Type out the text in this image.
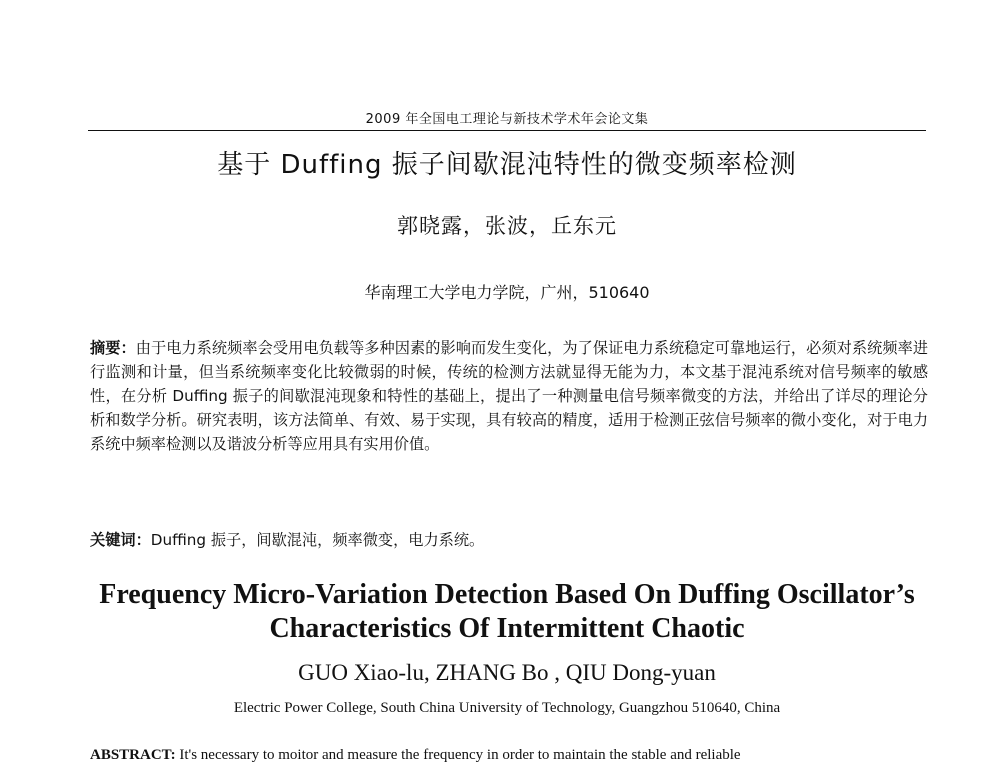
2009 年全国电工理论与新技术学术年会论文集
基于 Duffing 振子间歇混沌特性的微变频率检测
郭晓露，张波，丘东元
华南理工大学电力学院，广州，510640
摘要：由于电力系统频率会受用电负载等多种因素的影响而发生变化，为了保证电力系统稳定可靠地运行，必须对系统频率进行监测和计量，但当系统频率变化比较微弱的时候，传统的检测方法就显得无能为力，本文基于混沌系统对信号频率的敏感性，在分析 Duffing 振子的间歇混沌现象和特性的基础上，提出了一种测量电信号频率微变的方法，并给出了详尽的理论分析和数学分析。研究表明，该方法简单、有效、易于实现，具有较高的精度，适用于检测正弦信号频率的微小变化，对于电力系统中频率检测以及谐波分析等应用具有实用价值。
关键词：Duffing 振子，间歇混沌，频率微变，电力系统。
Frequency Micro-Variation Detection Based On Duffing Oscillator’s
Characteristics Of Intermittent Chaotic
GUO Xiao-lu, ZHANG Bo , QIU Dong-yuan
Electric Power College, South China University of Technology, Guangzhou 510640, China
ABSTRACT: It's necessary to moitor and measure the frequency in order to maintain the stable and reliable
